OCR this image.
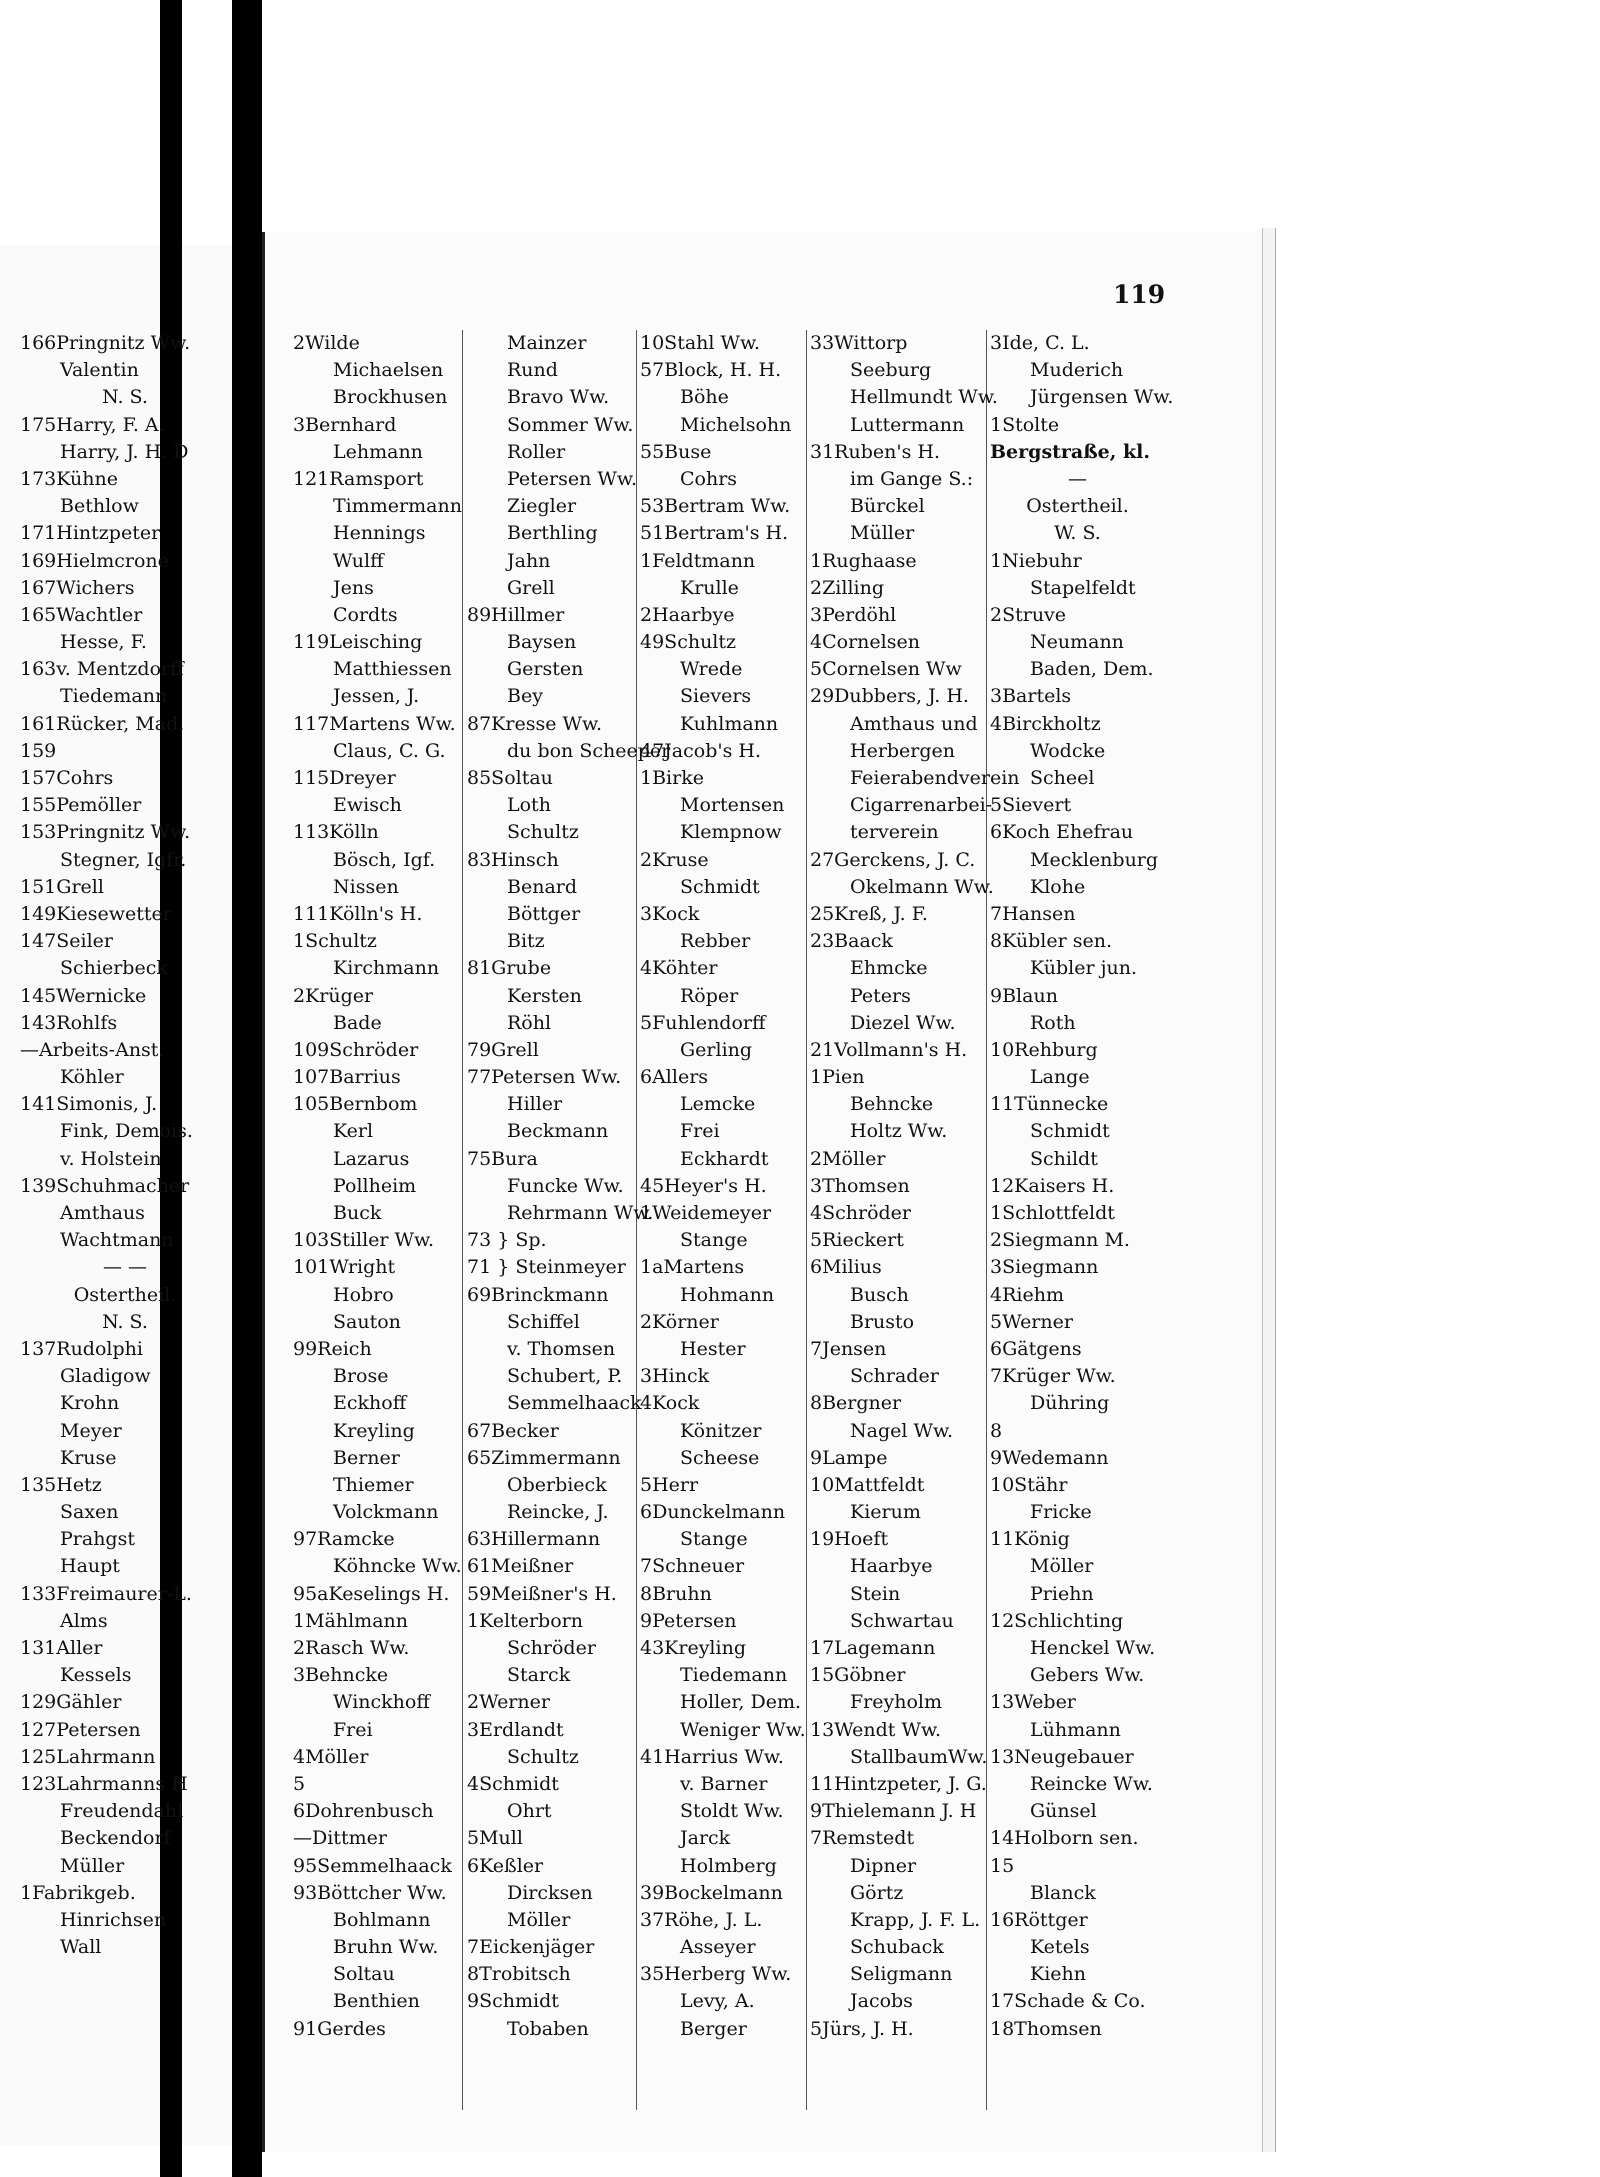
119
166Pringnitz Ww.
Valentin
N. S.
175Harry, F. A.
Harry, J. H. D
173Kühne
Bethlow
171Hintzpeter
169Hielmcrone
167Wichers
165Wachtler
Hesse, F.
163v. Mentzdorff
Tiedemann
161Rücker, Mad.
159
157Cohrs
155Pemöller
153Pringnitz Ww.
Stegner, Igfr.
151Grell
149Kiesewetter
147Seiler
Schierbeck
145Wernicke
143Rohlfs
—Arbeits-Anst.
Köhler
141Simonis, J.
Fink, Demois.
v. Holstein
139Schuhmacher
Amthaus
Wachtmann
— —
Ostertheil.
N. S.
137Rudolphi
Gladigow
Krohn
Meyer
Kruse
135Hetz
Saxen
Prahgst
Haupt
133Freimaurer-L.
Alms
131Aller
Kessels
129Gähler
127Petersen
125Lahrmann
123Lahrmanns H
Freudendahl
Beckendorf
Müller
1Fabrikgeb.
Hinrichsen
Wall
2Wilde
Michaelsen
Brockhusen
3Bernhard
Lehmann
121Ramsport
Timmermann
Hennings
Wulff
Jens
Cordts
119Leisching
Matthiessen
Jessen, J.
117Martens Ww.
Claus, C. G.
115Dreyer
Ewisch
113Kölln
Bösch, Igf.
Nissen
111Kölln's H.
1Schultz
Kirchmann
2Krüger
Bade
109Schröder
107Barrius
105Bernbom
Kerl
Lazarus
Pollheim
Buck
103Stiller Ww.
101Wright
Hobro
Sauton
99Reich
Brose
Eckhoff
Kreyling
Berner
Thiemer
Volckmann
97Ramcke
Köhncke Ww.
95aKeselings H.
1Mählmann
2Rasch Ww.
3Behncke
Winckhoff
Frei
4Möller
5
6Dohrenbusch
—Dittmer
95Semmelhaack
93Böttcher Ww.
Bohlmann
Bruhn Ww.
Soltau
Benthien
91Gerdes
Mainzer
Rund
Bravo Ww.
Sommer Ww.
Roller
Petersen Ww.
Ziegler
Berthling
Jahn
Grell
89Hillmer
Baysen
Gersten
Bey
87Kresse Ww.
du bon Scheeper
85Soltau
Loth
Schultz
83Hinsch
Benard
Böttger
Bitz
81Grube
Kersten
Röhl
79Grell
77Petersen Ww.
Hiller
Beckmann
75Bura
Funcke Ww.
Rehrmann Ww.
73 } Sp.
71 } Steinmeyer
69Brinckmann
Schiffel
v. Thomsen
Schubert, P.
Semmelhaack
67Becker
65Zimmermann
Oberbieck
Reincke, J.
63Hillermann
61Meißner
59Meißner's H.
1Kelterborn
Schröder
Starck
2Werner
3Erdlandt
Schultz
4Schmidt
Ohrt
5Mull
6Keßler
Dircksen
Möller
7Eickenjäger
8Trobitsch
9Schmidt
Tobaben
10Stahl Ww.
57Block, H. H.
Böhe
Michelsohn
55Buse
Cohrs
53Bertram Ww.
51Bertram's H.
1Feldtmann
Krulle
2Haarbye
49Schultz
Wrede
Sievers
Kuhlmann
47Jacob's H.
1Birke
Mortensen
Klempnow
2Kruse
Schmidt
3Kock
Rebber
4Köhter
Röper
5Fuhlendorff
Gerling
6Allers
Lemcke
Frei
Eckhardt
45Heyer's H.
1Weidemeyer
Stange
1aMartens
Hohmann
2Körner
Hester
3Hinck
4Kock
Könitzer
Scheese
5Herr
6Dunckelmann
Stange
7Schneuer
8Bruhn
9Petersen
43Kreyling
Tiedemann
Holler, Dem.
Weniger Ww.
41Harrius Ww.
v. Barner
Stoldt Ww.
Jarck
Holmberg
39Bockelmann
37Röhe, J. L.
Asseyer
35Herberg Ww.
Levy, A.
Berger
33Wittorp
Seeburg
Hellmundt Ww.
Luttermann
31Ruben's H.
im Gange S.:
Bürckel
Müller
1Rughaase
2Zilling
3Perdöhl
4Cornelsen
5Cornelsen Ww
29Dubbers, J. H.
Amthaus und
Herbergen
Feierabendverein
Cigarrenarbei-
terverein
27Gerckens, J. C.
Okelmann Ww.
25Kreß, J. F.
23Baack
Ehmcke
Peters
Diezel Ww.
21Vollmann's H.
1Pien
Behncke
Holtz Ww.
2Möller
3Thomsen
4Schröder
5Rieckert
6Milius
Busch
Brusto
7Jensen
Schrader
8Bergner
Nagel Ww.
9Lampe
10Mattfeldt
Kierum
19Hoeft
Haarbye
Stein
Schwartau
17Lagemann
15Göbner
Freyholm
13Wendt Ww.
StallbaumWw.
11Hintzpeter, J. G.
9Thielemann J. H
7Remstedt
Dipner
Görtz
Krapp, J. F. L.
Schuback
Seligmann
Jacobs
5Jürs, J. H.
3Ide, C. L.
Muderich
Jürgensen Ww.
1Stolte
Bergstraße, kl.
—
Ostertheil.
W. S.
1Niebuhr
Stapelfeldt
2Struve
Neumann
Baden, Dem.
3Bartels
4Birckholtz
Wodcke
Scheel
5Sievert
6Koch Ehefrau
Mecklenburg
Klohe
7Hansen
8Kübler sen.
Kübler jun.
9Blaun
Roth
10Rehburg
Lange
11Tünnecke
Schmidt
Schildt
12Kaisers H.
1Schlottfeldt
2Siegmann M.
3Siegmann
4Riehm
5Werner
6Gätgens
7Krüger Ww.
Dühring
8
9Wedemann
10Stähr
Fricke
11König
Möller
Priehn
12Schlichting
Henckel Ww.
Gebers Ww.
13Weber
Lühmann
13Neugebauer
Reincke Ww.
Günsel
14Holborn sen.
15
Blanck
16Röttger
Ketels
Kiehn
17Schade & Co.
18Thomsen
